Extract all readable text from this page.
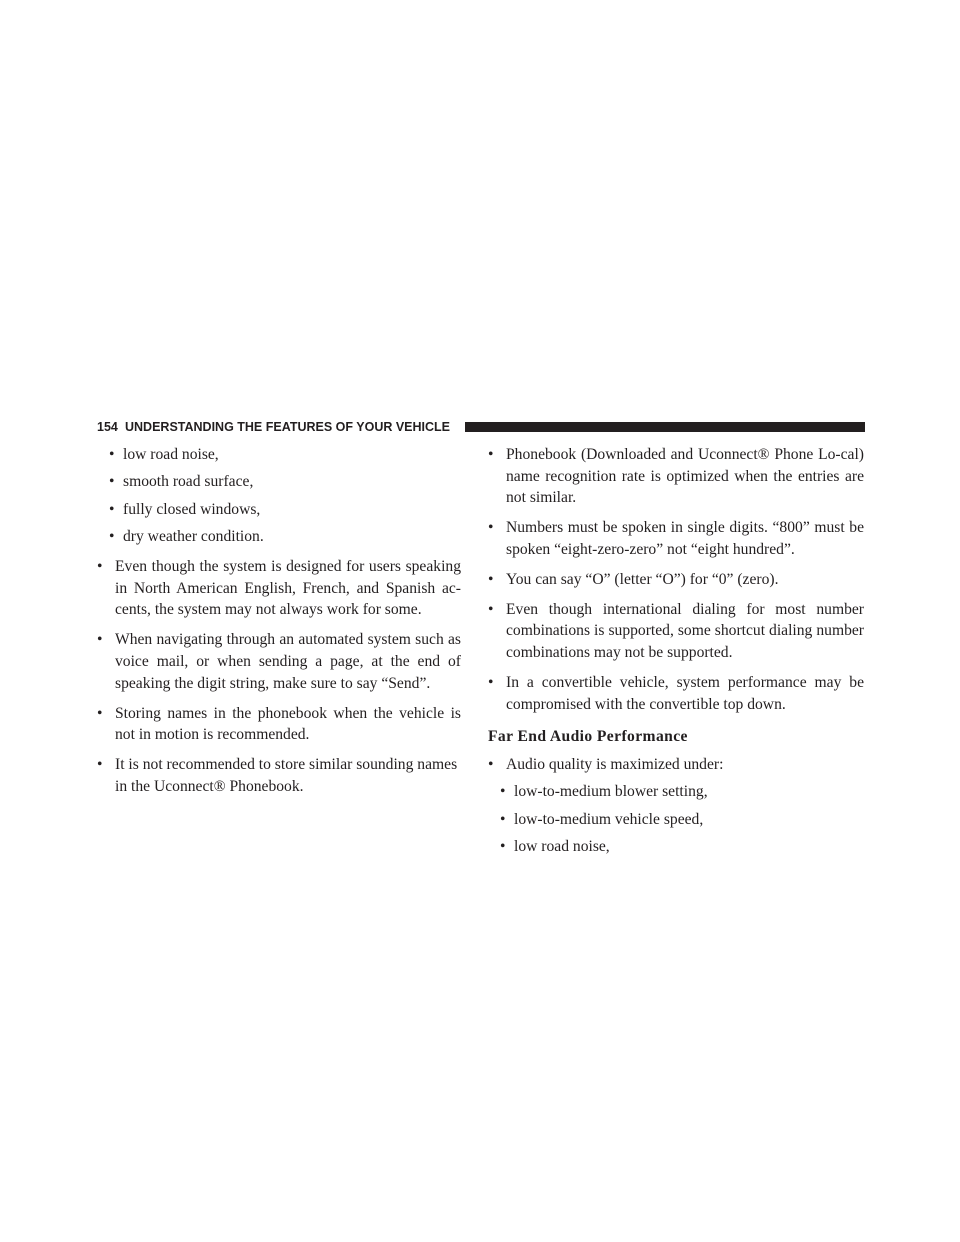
154 UNDERSTANDING THE FEATURES OF YOUR VEHICLE
• low road noise,
• smooth road surface,
• fully closed windows,
• dry weather condition.
• Even though the system is designed for users speaking in North American English, French, and Spanish ac-cents, the system may not always work for some.
• When navigating through an automated system such as voice mail, or when sending a page, at the end of speaking the digit string, make sure to say “Send”.
• Storing names in the phonebook when the vehicle is not in motion is recommended.
• It is not recommended to store similar sounding names in the Uconnect® Phonebook.
• Phonebook (Downloaded and Uconnect® Phone Lo-cal) name recognition rate is optimized when the entries are not similar.
• Numbers must be spoken in single digits. “800” must be spoken “eight-zero-zero” not “eight hundred”.
• You can say “O” (letter “O”) for “0” (zero).
• Even though international dialing for most number combinations is supported, some shortcut dialing number combinations may not be supported.
• In a convertible vehicle, system performance may be compromised with the convertible top down.
Far End Audio Performance
• Audio quality is maximized under:
• low-to-medium blower setting,
• low-to-medium vehicle speed,
• low road noise,
